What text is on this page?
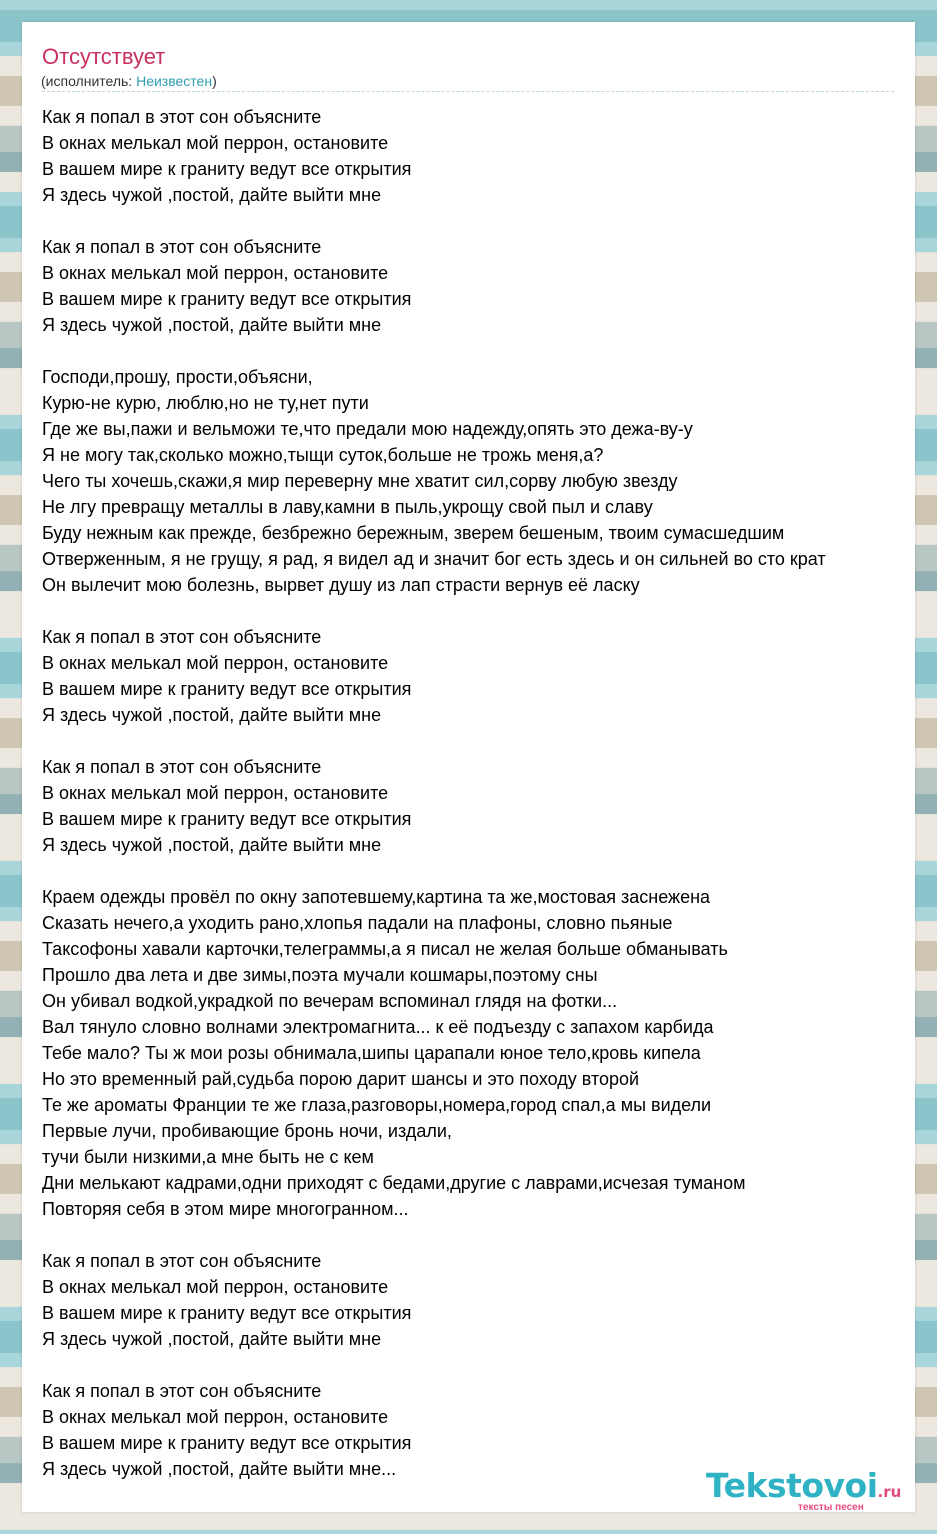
Отсутствует
(исполнитель: Неизвестен)
Как я попал в этот сон объясните
В окнах мелькал мой перрон, остановите
В вашем мире к граниту ведут все открытия
Я здесь чужой ,постой, дайте выйти мне
Как я попал в этот сон объясните
В окнах мелькал мой перрон, остановите
В вашем мире к граниту ведут все открытия
Я здесь чужой ,постой, дайте выйти мне
Господи,прошу, прости,объясни,
Курю-не курю, люблю,но не ту,нет пути
Где же вы,пажи и вельможи те,что предали мою надежду,опять это дежа-ву-у
Я не могу так,сколько можно,тыщи суток,больше не трожь меня,а?
Чего ты хочешь,скажи,я мир переверну мне хватит сил,сорву любую звезду
Не лгу превращу металлы в лаву,камни в пыль,укрощу свой пыл и славу
Буду нежным как прежде, безбрежно бережным, зверем бешеным, твоим сумасшедшим
Отверженным, я не грущу, я рад, я видел ад и значит бог есть здесь и он сильней во сто крат
Он вылечит мою болезнь, вырвет душу из лап страсти вернув её ласку
Как я попал в этот сон объясните
В окнах мелькал мой перрон, остановите
В вашем мире к граниту ведут все открытия
Я здесь чужой ,постой, дайте выйти мне
Как я попал в этот сон объясните
В окнах мелькал мой перрон, остановите
В вашем мире к граниту ведут все открытия
Я здесь чужой ,постой, дайте выйти мне
Краем одежды провёл по окну запотевшему,картина та же,мостовая заснежена
Сказать нечего,а уходить рано,хлопья падали на плафоны, словно пьяные
Таксофоны хавали карточки,телеграммы,а я писал не желая больше обманывать
Прошло два лета и две зимы,поэта мучали кошмары,поэтому сны
Он убивал водкой,украдкой по вечерам вспоминал глядя на фотки...
Вал тянуло словно волнами электромагнита... к её подъезду с запахом карбида
Тебе мало? Ты ж мои розы обнимала,шипы царапали юное тело,кровь кипела
Но это временный рай,судьба порою дарит шансы и это походу второй
Те же ароматы Франции те же глаза,разговоры,номера,город спал,а мы видели
Первые лучи, пробивающие бронь ночи, издали,
тучи были низкими,а мне быть не с кем
Дни мелькают кадрами,одни приходят с бедами,другие с лаврами,исчезая туманом
Повторяя себя в этом мире многогранном...
Как я попал в этот сон объясните
В окнах мелькал мой перрон, остановите
В вашем мире к граниту ведут все открытия
Я здесь чужой ,постой, дайте выйти мне
Как я попал в этот сон объясните
В окнах мелькал мой перрон, остановите
В вашем мире к граниту ведут все открытия
Я здесь чужой ,постой, дайте выйти мне...	Tekstovoi.ru
тексты песен
